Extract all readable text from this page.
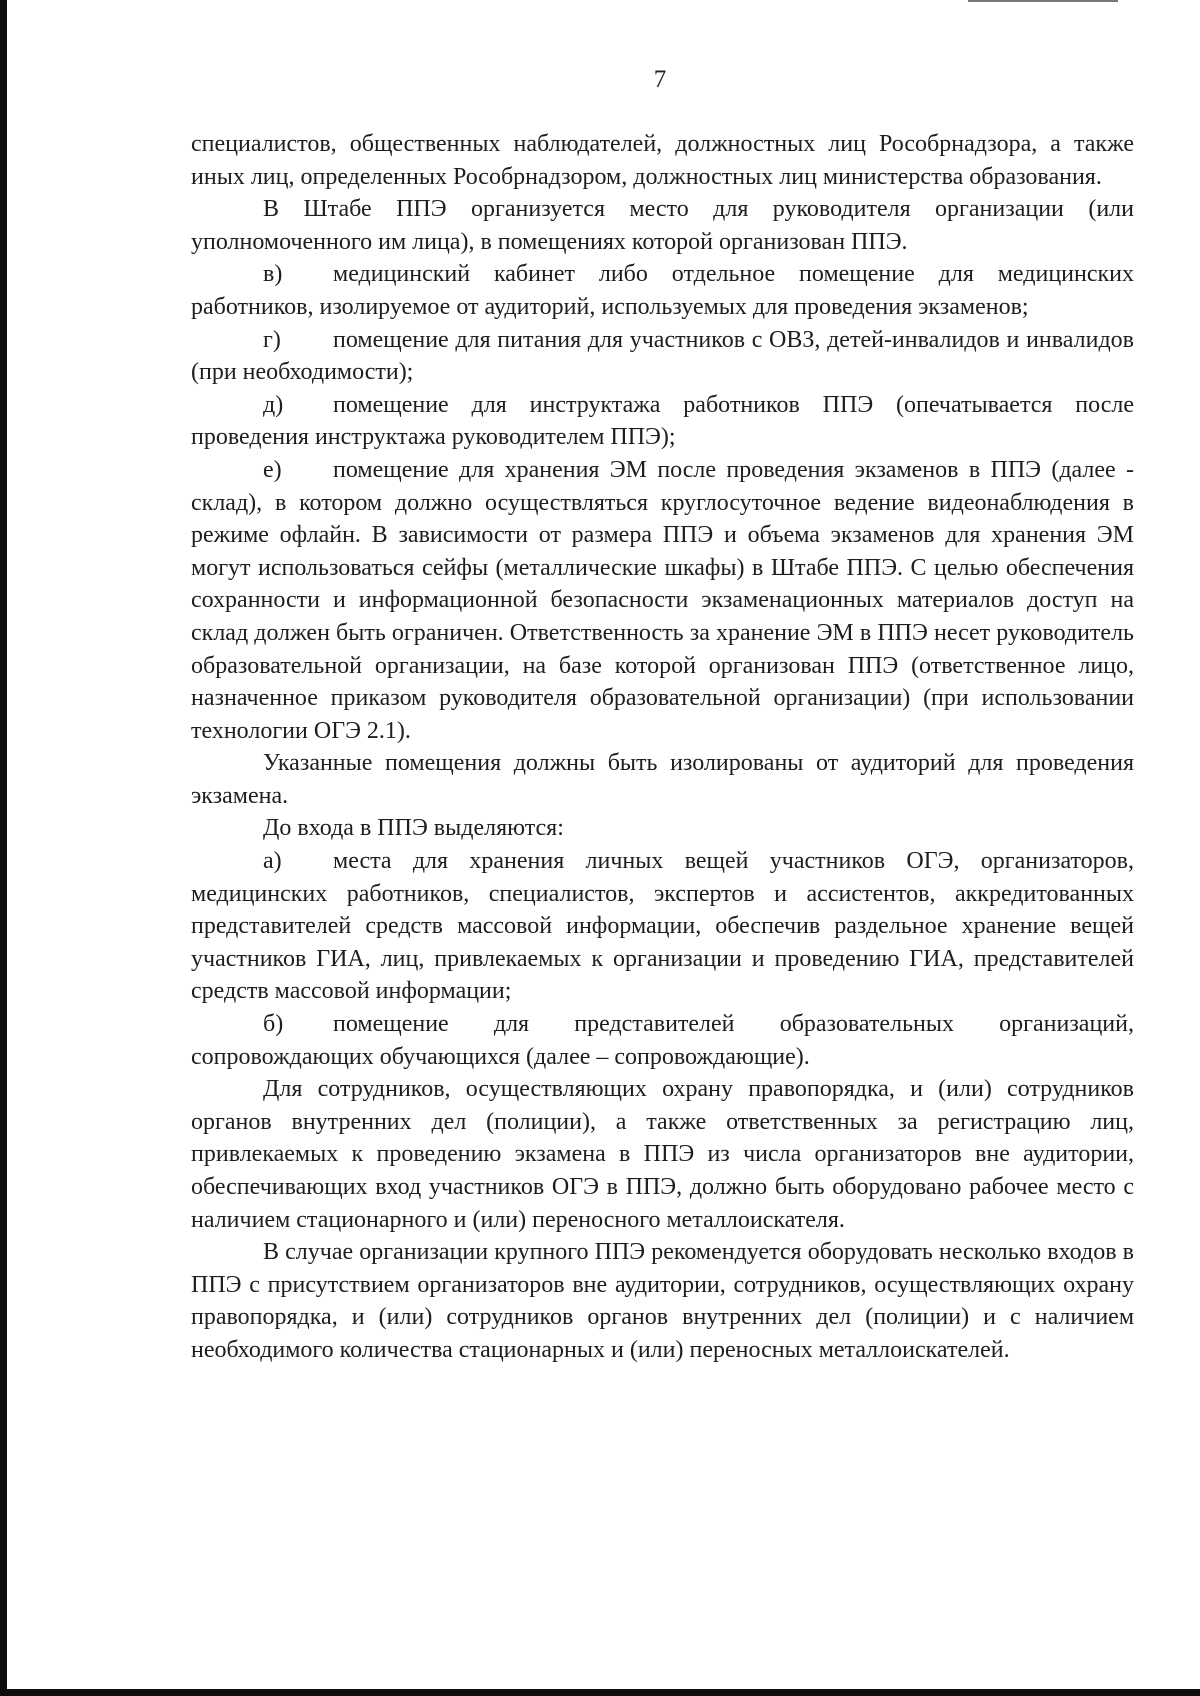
7

специалистов, общественных наблюдателей, должностных лиц Рособрнадзора, а также иных лиц, определенных Рособрнадзором, должностных лиц министерства образования.

В Штабе ППЭ организуется место для руководителя организации (или уполномоченного им лица), в помещениях которой организован ППЭ.

в) медицинский кабинет либо отдельное помещение для медицинских работников, изолируемое от аудиторий, используемых для проведения экзаменов;

г) помещение для питания для участников с ОВЗ, детей-инвалидов и инвалидов (при необходимости);

д) помещение для инструктажа работников ППЭ (опечатывается после проведения инструктажа руководителем ППЭ);

е) помещение для хранения ЭМ после проведения экзаменов в ППЭ (далее - склад), в котором должно осуществляться круглосуточное ведение видеонаблюдения в режиме офлайн. В зависимости от размера ППЭ и объема экзаменов для хранения ЭМ могут использоваться сейфы (металлические шкафы) в Штабе ППЭ. С целью обеспечения сохранности и информационной безопасности экзаменационных материалов доступ на склад должен быть ограничен. Ответственность за хранение ЭМ в ППЭ несет руководитель образовательной организации, на базе которой организован ППЭ (ответственное лицо, назначенное приказом руководителя образовательной организации) (при использовании технологии ОГЭ 2.1).

Указанные помещения должны быть изолированы от аудиторий для проведения экзамена.

До входа в ППЭ выделяются:

а) места для хранения личных вещей участников ОГЭ, организаторов, медицинских работников, специалистов, экспертов и ассистентов, аккредитованных представителей средств массовой информации, обеспечив раздельное хранение вещей участников ГИА, лиц, привлекаемых к организации и проведению ГИА, представителей средств массовой информации;

б) помещение для представителей образовательных организаций, сопровождающих обучающихся (далее – сопровождающие).

Для сотрудников, осуществляющих охрану правопорядка, и (или) сотрудников органов внутренних дел (полиции), а также ответственных за регистрацию лиц, привлекаемых к проведению экзамена в ППЭ из числа организаторов вне аудитории, обеспечивающих вход участников ОГЭ в ППЭ, должно быть оборудовано рабочее место с наличием стационарного и (или) переносного металлоискателя.

В случае организации крупного ППЭ рекомендуется оборудовать несколько входов в ППЭ с присутствием организаторов вне аудитории, сотрудников, осуществляющих охрану правопорядка, и (или) сотрудников органов внутренних дел (полиции) и с наличием необходимого количества стационарных и (или) переносных металлоискателей.
